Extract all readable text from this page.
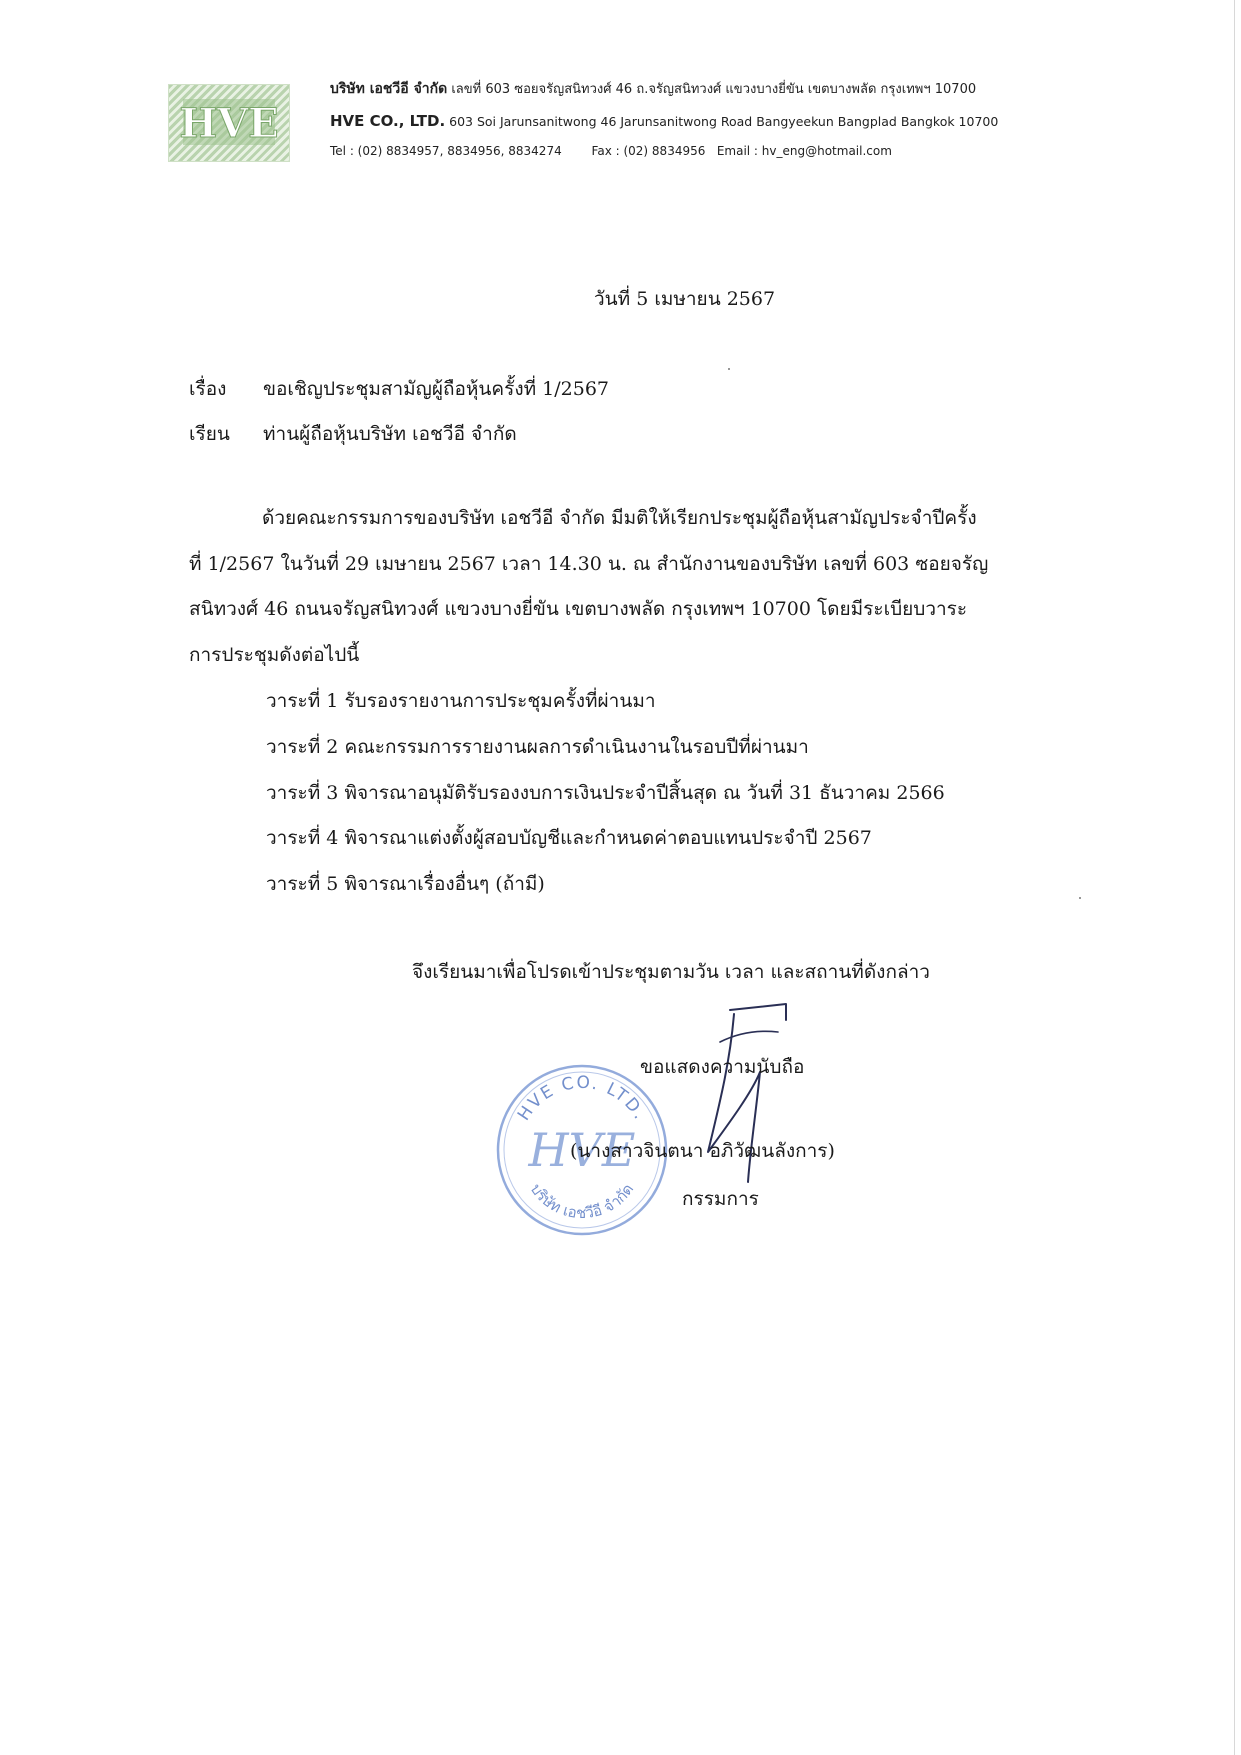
HVE
บริษัท เอชวีอี จำกัด เลขที่ 603 ซอยจรัญสนิทวงศ์ 46 ถ.จรัญสนิทวงศ์ แขวงบางยี่ขัน เขตบางพลัด กรุงเทพฯ 10700
HVE CO., LTD. 603 Soi Jarunsanitwong 46 Jarunsanitwong Road Bangyeekun Bangplad Bangkok 10700
Tel : (02) 8834957, 8834956, 8834274 Fax : (02) 8834956 Email : hv_eng@hotmail.com
วันที่ 5 เมษายน 2567
เรื่อง ขอเชิญประชุมสามัญผู้ถือหุ้นครั้งที่ 1/2567
เรียน ท่านผู้ถือหุ้นบริษัท เอชวีอี จำกัด
ด้วยคณะกรรมการของบริษัท เอชวีอี จำกัด มีมติให้เรียกประชุมผู้ถือหุ้นสามัญประจำปีครั้ง
ที่ 1/2567 ในวันที่ 29 เมษายน 2567 เวลา 14.30 น. ณ สำนักงานของบริษัท เลขที่ 603 ซอยจรัญ
สนิทวงศ์ 46 ถนนจรัญสนิทวงศ์ แขวงบางยี่ขัน เขตบางพลัด กรุงเทพฯ 10700 โดยมีระเบียบวาระ
การประชุมดังต่อไปนี้
วาระที่ 1 รับรองรายงานการประชุมครั้งที่ผ่านมา
วาระที่ 2 คณะกรรมการรายงานผลการดำเนินงานในรอบปีที่ผ่านมา
วาระที่ 3 พิจารณาอนุมัติรับรองงบการเงินประจำปีสิ้นสุด ณ วันที่ 31 ธันวาคม 2566
วาระที่ 4 พิจารณาแต่งตั้งผู้สอบบัญชีและกำหนดค่าตอบแทนประจำปี 2567
วาระที่ 5 พิจารณาเรื่องอื่นๆ (ถ้ามี)
จึงเรียนมาเพื่อโปรดเข้าประชุมตามวัน เวลา และสถานที่ดังกล่าว
HVE CO. LTD.
HVE
บริษัท เอชวีอี จำกัด
ขอแสดงความนับถือ
(นางสาวจินตนา อภิวัฒนลังการ)
กรรมการ
